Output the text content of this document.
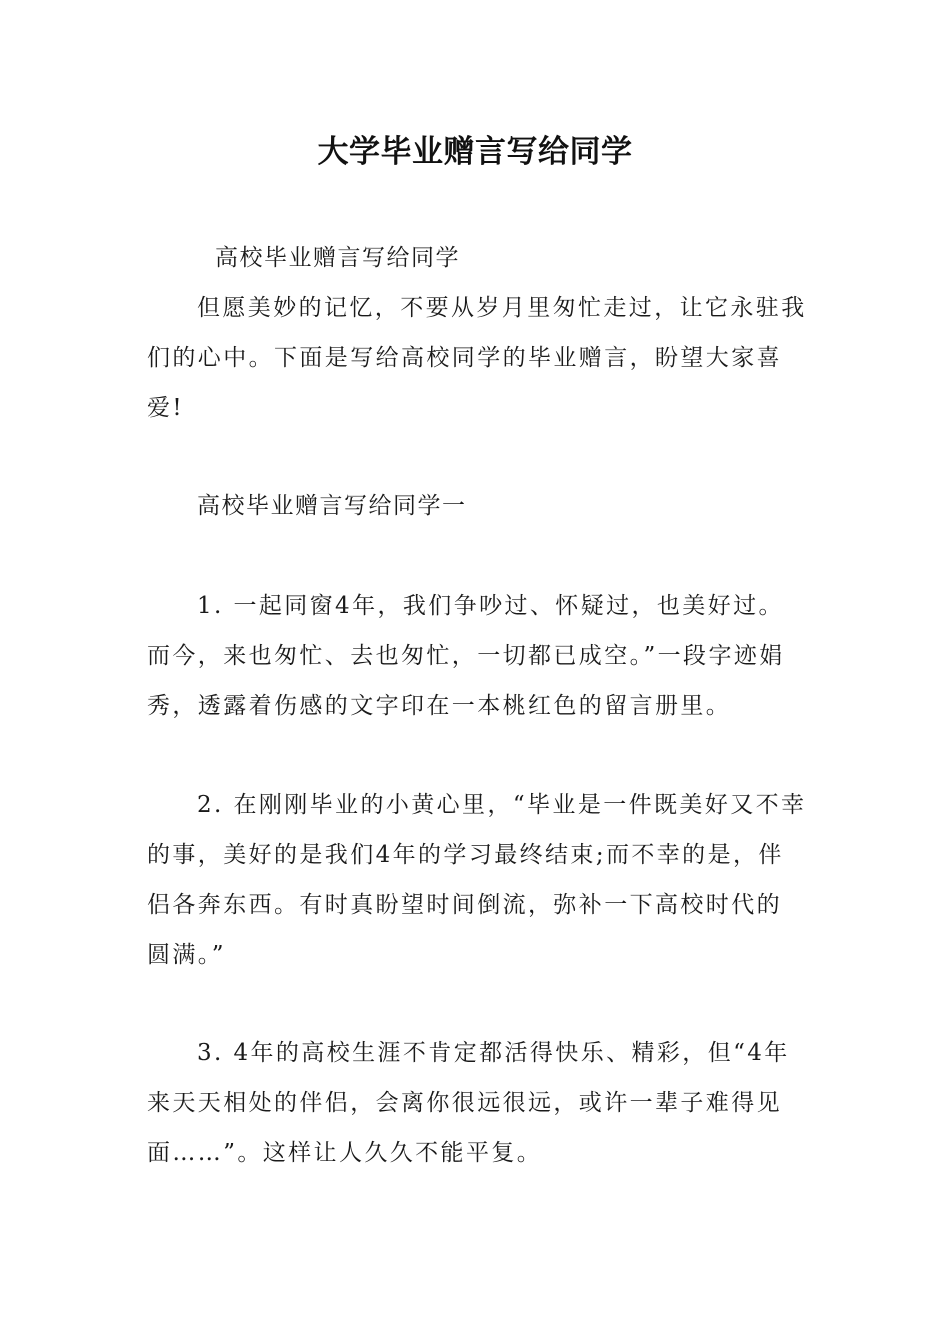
大学毕业赠言写给同学

高校毕业赠言写给同学

但愿美妙的记忆，不要从岁月里匆忙走过，让它永驻我们的心中。下面是写给高校同学的毕业赠言，盼望大家喜爱!

高校毕业赠言写给同学一

1. 一起同窗4年，我们争吵过、怀疑过，也美好过。而今，来也匆忙、去也匆忙，一切都已成空。”一段字迹娟秀，透露着伤感的文字印在一本桃红色的留言册里。

2. 在刚刚毕业的小黄心里，“毕业是一件既美好又不幸的事，美好的是我们4年的学习最终结束;而不幸的是，伴侣各奔东西。有时真盼望时间倒流，弥补一下高校时代的圆满。”

3. 4年的高校生涯不肯定都活得快乐、精彩，但“4年来天天相处的伴侣，会离你很远很远，或许一辈子难得见面……”。这样让人久久不能平复。
